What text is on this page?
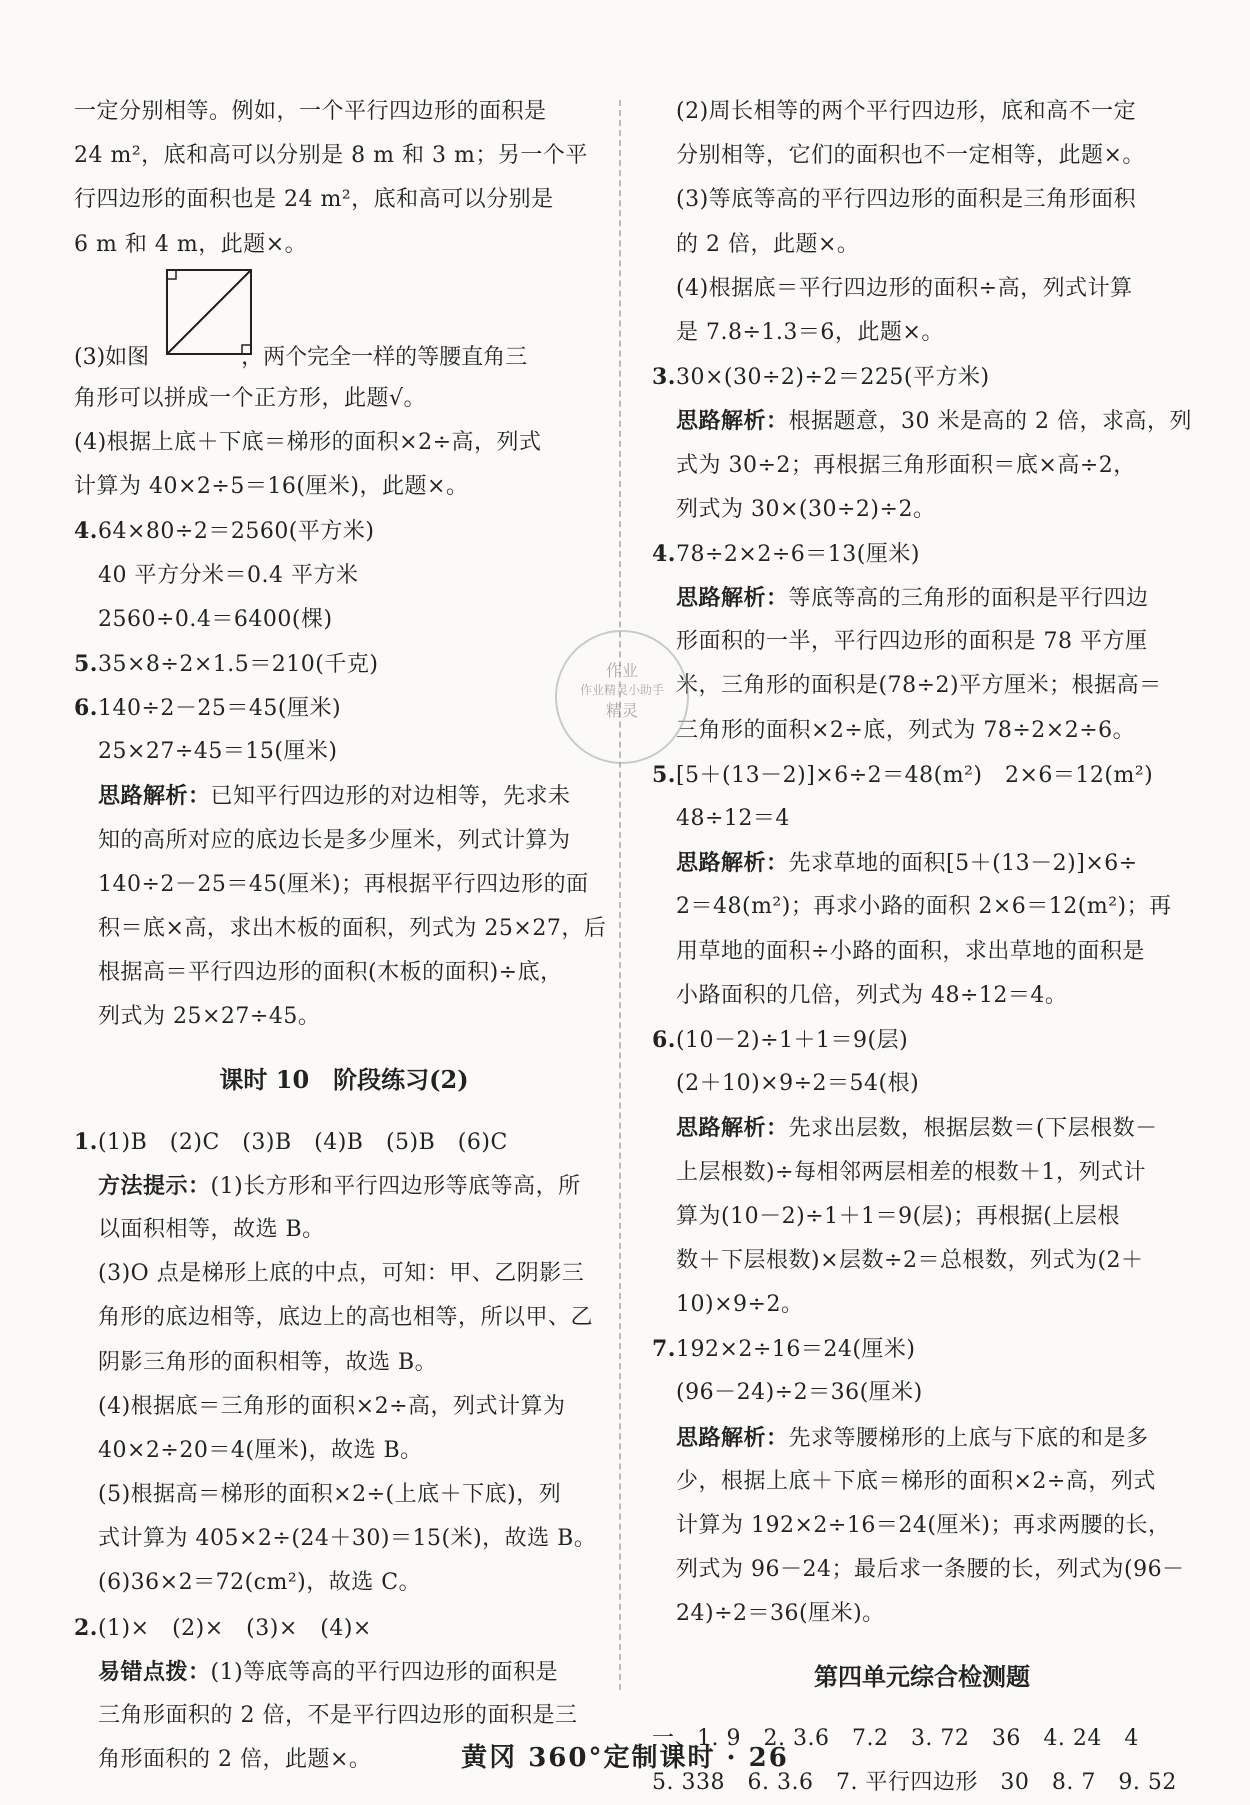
一定分别相等。例如，一个平行四边形的面积是
24 m²，底和高可以分别是 8 m 和 3 m；另一个平
行四边形的面积也是 24 m²，底和高可以分别是
6 m 和 4 m，此题×。
(3)如图	，两个完全一样的等腰直角三
角形可以拼成一个正方形，此题√。
(4)根据上底＋下底＝梯形的面积×2÷高，列式
计算为 40×2÷5＝16(厘米)，此题×。
4.64×80÷2＝2560(平方米)
40 平方分米＝0.4 平方米
2560÷0.4＝6400(棵)
5.35×8÷2×1.5＝210(千克)
6.140÷2－25＝45(厘米)
25×27÷45＝15(厘米)
思路解析：已知平行四边形的对边相等，先求未
知的高所对应的底边长是多少厘米，列式计算为
140÷2－25＝45(厘米)；再根据平行四边形的面
积＝底×高，求出木板的面积，列式为 25×27，后
根据高＝平行四边形的面积(木板的面积)÷底，
列式为 25×27÷45。
课时 10　阶段练习(2)
1.(1)B　(2)C　(3)B　(4)B　(5)B　(6)C
方法提示：(1)长方形和平行四边形等底等高，所
以面积相等，故选 B。
(3)O 点是梯形上底的中点，可知：甲、乙阴影三
角形的底边相等，底边上的高也相等，所以甲、乙
阴影三角形的面积相等，故选 B。
(4)根据底＝三角形的面积×2÷高，列式计算为
40×2÷20＝4(厘米)，故选 B。
(5)根据高＝梯形的面积×2÷(上底＋下底)，列
式计算为 405×2÷(24＋30)＝15(米)，故选 B。
(6)36×2＝72(cm²)，故选 C。
2.(1)×　(2)×　(3)×　(4)×
易错点拨：(1)等底等高的平行四边形的面积是
三角形面积的 2 倍，不是平行四边形的面积是三
角形面积的 2 倍，此题×。
(2)周长相等的两个平行四边形，底和高不一定
分别相等，它们的面积也不一定相等，此题×。
(3)等底等高的平行四边形的面积是三角形面积
的 2 倍，此题×。
(4)根据底＝平行四边形的面积÷高，列式计算
是 7.8÷1.3＝6，此题×。
3.30×(30÷2)÷2＝225(平方米)
思路解析：根据题意，30 米是高的 2 倍，求高，列
式为 30÷2；再根据三角形面积＝底×高÷2，
列式为 30×(30÷2)÷2。
4.78÷2×2÷6＝13(厘米)
思路解析：等底等高的三角形的面积是平行四边
形面积的一半，平行四边形的面积是 78 平方厘
米，三角形的面积是(78÷2)平方厘米；根据高＝
三角形的面积×2÷底，列式为 78÷2×2÷6。
5.[5＋(13－2)]×6÷2＝48(m²)　2×6＝12(m²)
48÷12＝4
思路解析：先求草地的面积[5＋(13－2)]×6÷
2＝48(m²)；再求小路的面积 2×6＝12(m²)；再
用草地的面积÷小路的面积，求出草地的面积是
小路面积的几倍，列式为 48÷12＝4。
6.(10－2)÷1＋1＝9(层)
(2＋10)×9÷2＝54(根)
思路解析：先求出层数，根据层数＝(下层根数－
上层根数)÷每相邻两层相差的根数＋1，列式计
算为(10－2)÷1＋1＝9(层)；再根据(上层根
数＋下层根数)×层数÷2＝总根数，列式为(2＋
10)×9÷2。
7.192×2÷16＝24(厘米)
(96－24)÷2＝36(厘米)
思路解析：先求等腰梯形的上底与下底的和是多
少，根据上底＋下底＝梯形的面积×2÷高，列式
计算为 192×2÷16＝24(厘米)；再求两腰的长，
列式为 96－24；最后求一条腰的长，列式为(96－
24)÷2＝36(厘米)。
第四单元综合检测题
一、1. 9　2. 3.6　7.2　3. 72　36　4. 24　4
5. 338　6. 3.6　7. 平行四边形　30　8. 7　9. 52
作业
作业精灵小助手
精灵
黄冈 360°定制课时 · 26
